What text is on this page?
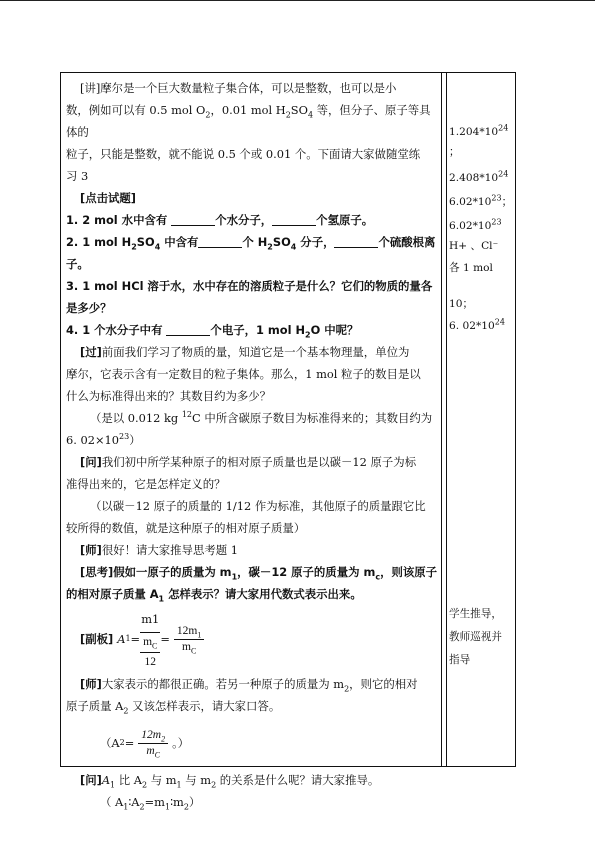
[讲]摩尔是一个巨大数量粒子集合体，可以是整数，也可以是小

数，例如可以有 0.5 mol $O_2$，0.01 mol $H_2SO_4$ 等，但分子、原子等具体的

粒子，只能是整数，就不能说 0.5 个或 0.01 个。下面请大家做随堂练

习 3

[点击试题]

1. 2 mol 水中含有	个水分子，	个氢原子。

2. 1 mol $H_2SO_4$ 中含有	个 $H_2SO_4$ 分子，	个硫酸根离子。

3. 1 mol HCl 溶于水，水中存在的溶质粒子是什么？它们的物质的量各

是多少？

4. 1 个水分子中有	个电子，1 mol $H_2O$ 中呢？

[过]前面我们学习了物质的量，知道它是一个基本物理量，单位为

摩尔，它表示含有一定数目的粒子集体。那么，1 mol 粒子的数目是以

什么为标准得出来的？其数目约为多少？

（是以 0.012 kg $^{12}$C 中所含碳原子数目为标准得来的；其数目约为

6. $02\times 10^{23}$）

[问]我们初中所学某种原子的相对原子质量也是以碳－12 原子为标

准得出来的，它是怎样定义的？

（以碳－12 原子的质量的 1/12 作为标准，其他原子的质量跟它比

较所得的数值，就是这种原子的相对原子质量）

[师]很好！请大家推导思考题 1

[思考]假如一原子的质量为 $m_1$，碳－12 原子的质量为 $m_c$，则该原子

的相对原子质量 $A_1$ 怎样表示？请大家用代数式表示出来。

[副板] A 1 =
m1
$\frac{m_C}{12} = \frac{12m_1}{m_C}$

[师]大家表示的都很正确。若另一种原子的质量为 $m_2$，则它的相对

原子质量 $A_2$ 又该怎样表示，请大家口答。

（A $2 = \frac{12m_2}{m_C}$ 。）

[问]$A_1$ 比 $A_2$ 与 $m_1$ 与 $m_2$ 的关系是什么呢？请大家推导。

（ $A_1∶A_2=m_1∶m_2$）

$1.204*10^{24}$

；

$2.408*10^{24}$

$6.02*10^{23}$；

$6.02*10^{23}$

H+ 、Cl⁻

各 1 mol

10；

6. $02*10^{24}$

学生推导，

教师巡视并

指导
